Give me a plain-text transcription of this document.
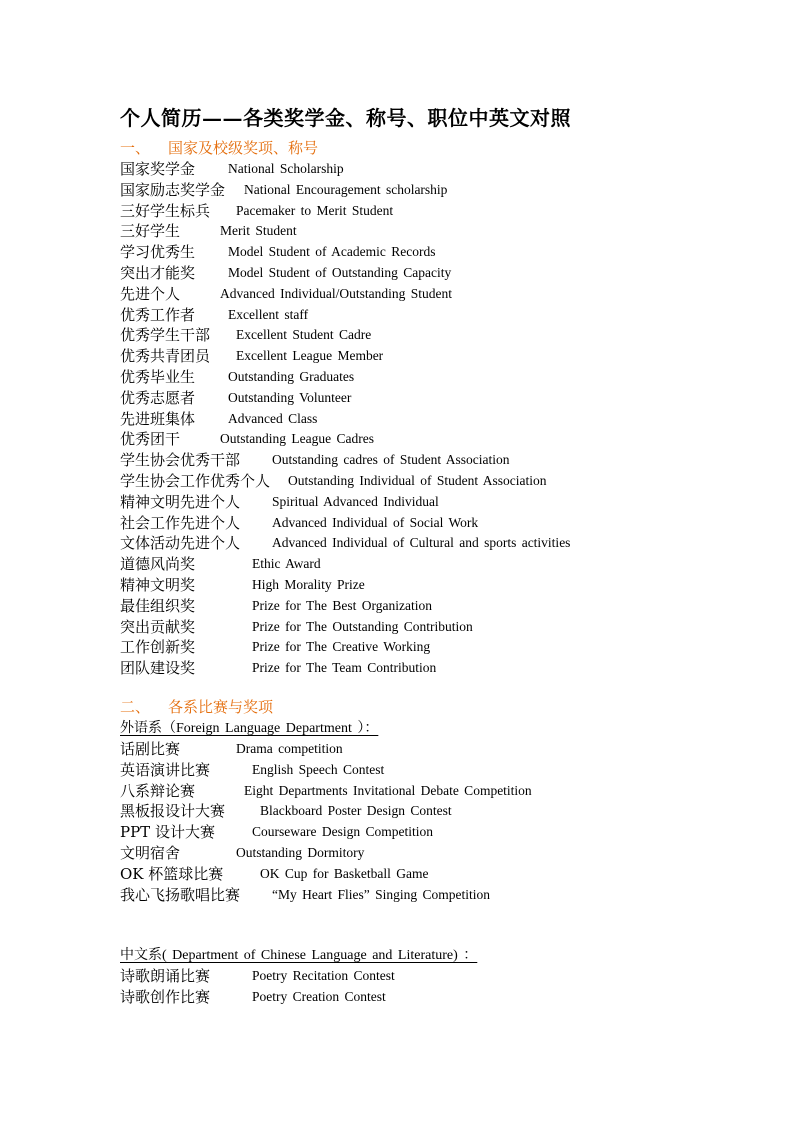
个人简历——各类奖学金、称号、职位中英文对照
一、 国家及校级奖项、称号
国家奖学金 National Scholarship
国家励志奖学金 National Encouragement scholarship
三好学生标兵 Pacemaker to Merit Student
三好学生	Merit Student
学习优秀生 Model Student of Academic Records
突出才能奖 Model Student of Outstanding Capacity
先进个人	Advanced Individual/Outstanding Student
优秀工作者 Excellent staff
优秀学生干部 Excellent Student Cadre
优秀共青团员 Excellent League Member
优秀毕业生 Outstanding Graduates
优秀志愿者 Outstanding Volunteer
先进班集体 Advanced Class
优秀团干	Outstanding League Cadres
学生协会优秀干部 Outstanding cadres of Student Association
学生协会工作优秀个人 Outstanding Individual of Student Association
精神文明先进个人 Spiritual Advanced Individual
社会工作先进个人 Advanced Individual of Social Work
文体活动先进个人 Advanced Individual of Cultural and sports activities
道德风尚奖	Ethic Award
精神文明奖	High Morality Prize
最佳组织奖	Prize for The Best Organization
突出贡献奖	Prize for The Outstanding Contribution
工作创新奖	Prize for The Creative Working
团队建设奖	Prize for The Team Contribution
二、 各系比赛与奖项
外语系（Foreign Language Department ）：
话剧比赛	Drama competition
英语演讲比赛	English Speech Contest
八系辩论赛	Eight Departments Invitational Debate Competition
黑板报设计大赛	Blackboard Poster Design Contest
PPT 设计大赛	Courseware Design Competition
文明宿舍	Outstanding Dormitory
OK 杯篮球比赛	OK Cup for Basketball Game
我心飞扬歌唱比赛 “My Heart Flies” Singing Competition
中文系( Department of Chinese Language and Literature) ：
诗歌朗诵比赛	Poetry Recitation Contest
诗歌创作比赛	Poetry Creation Contest
